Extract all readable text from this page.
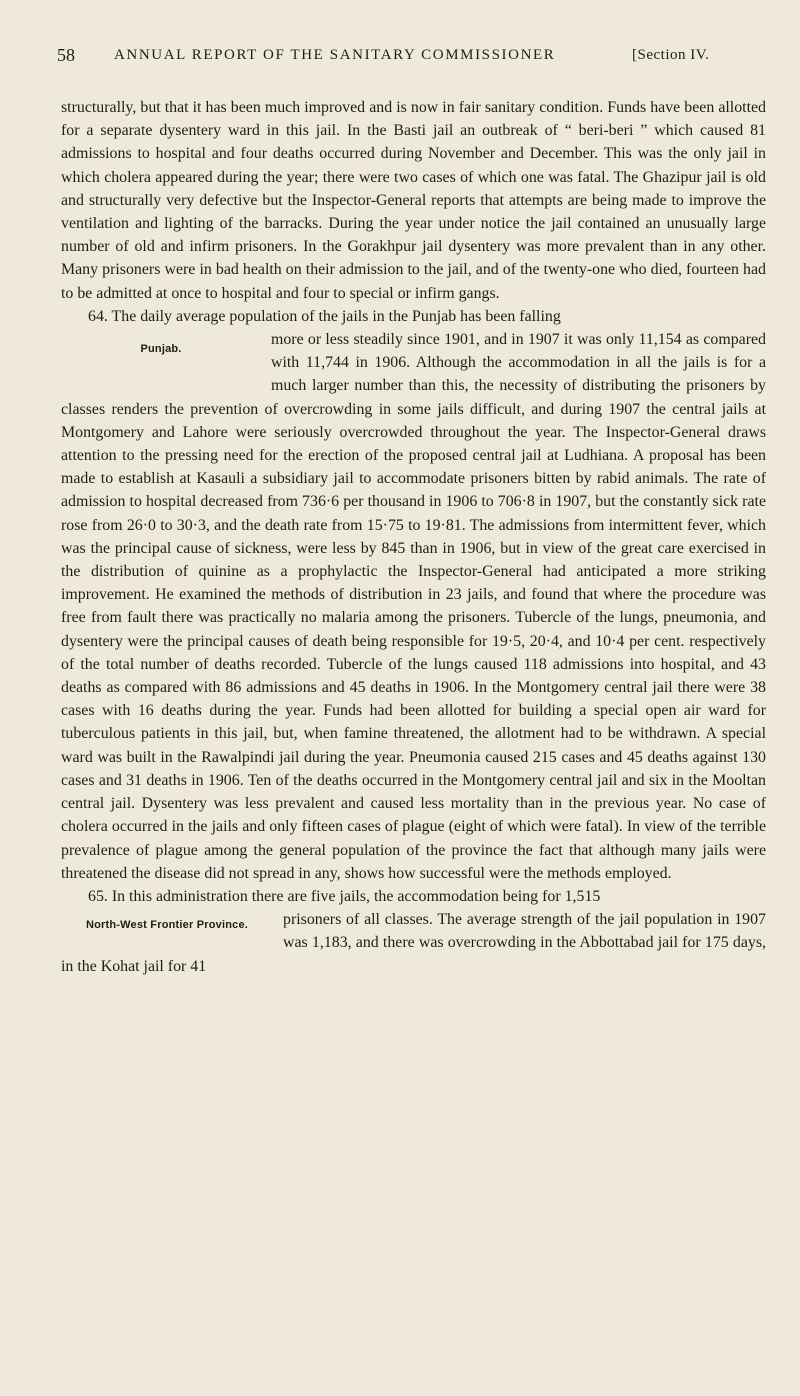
58	ANNUAL REPORT OF THE SANITARY COMMISSIONER	[Section IV.

structurally, but that it has been much improved and is now in fair sanitary condition. Funds have been allotted for a separate dysentery ward in this jail. In the Basti jail an outbreak of “ beri-beri ” which caused 81 admissions to hospital and four deaths occurred during November and December. This was the only jail in which cholera appeared during the year; there were two cases of which one was fatal. The Ghazipur jail is old and structurally very defective but the Inspector-General reports that attempts are being made to improve the ventilation and lighting of the barracks. During the year under notice the jail contained an unusually large number of old and infirm prisoners. In the Gorakhpur jail dysentery was more prevalent than in any other. Many prisoners were in bad health on their admission to the jail, and of the twenty-one who died, fourteen had to be admitted at once to hospital and four to special or infirm gangs.

64. The daily average population of the jails in the Punjab has been falling

Punjab.

more or less steadily since 1901, and in 1907 it was only 11,154 as compared with 11,744 in 1906. Although the accommodation in all the jails is for a much larger number than this, the necessity of distributing the prisoners by classes renders the prevention of overcrowding in some jails difficult, and during 1907 the central jails at Montgomery and Lahore were seriously overcrowded throughout the year. The Inspector-General draws attention to the pressing need for the erection of the proposed central jail at Ludhiana. A proposal has been made to establish at Kasauli a subsidiary jail to accommodate prisoners bitten by rabid animals. The rate of admission to hospital decreased from 736·6 per thousand in 1906 to 706·8 in 1907, but the constantly sick rate rose from 26·0 to 30·3, and the death rate from 15·75 to 19·81. The admissions from intermittent fever, which was the principal cause of sickness, were less by 845 than in 1906, but in view of the great care exercised in the distribution of quinine as a prophylactic the Inspector-General had anticipated a more striking improvement. He examined the methods of distribution in 23 jails, and found that where the procedure was free from fault there was practically no malaria among the prisoners. Tubercle of the lungs, pneumonia, and dysentery were the principal causes of death being responsible for 19·5, 20·4, and 10·4 per cent. respectively of the total number of deaths recorded. Tubercle of the lungs caused 118 admissions into hospital, and 43 deaths as compared with 86 admissions and 45 deaths in 1906. In the Montgomery central jail there were 38 cases with 16 deaths during the year. Funds had been allotted for building a special open air ward for tuberculous patients in this jail, but, when famine threatened, the allotment had to be withdrawn. A special ward was built in the Rawalpindi jail during the year. Pneumonia caused 215 cases and 45 deaths against 130 cases and 31 deaths in 1906. Ten of the deaths occurred in the Montgomery central jail and six in the Mooltan central jail. Dysentery was less prevalent and caused less mortality than in the previous year. No case of cholera occurred in the jails and only fifteen cases of plague (eight of which were fatal). In view of the terrible prevalence of plague among the general population of the province the fact that although many jails were threatened the disease did not spread in any, shows how successful were the methods employed.

65. In this administration there are five jails, the accommodation being for 1,515

North-West Frontier Province.	prisoners of all classes. The average strength of the jail population in 1907 was 1,183, and there was overcrowding in the Abbottabad jail for 175 days, in the Kohat jail for 41
